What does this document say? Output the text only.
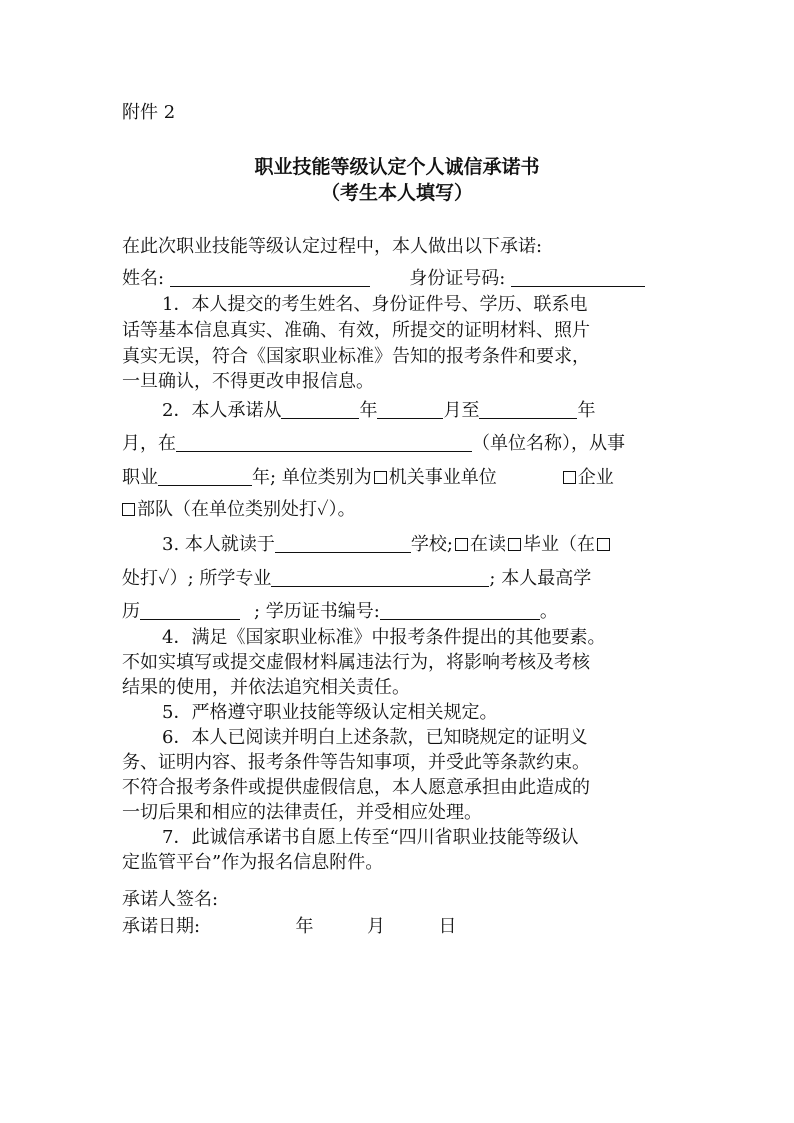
附件 2
职业技能等级认定个人诚信承诺书
（考生本人填写）
在此次职业技能等级认定过程中，本人做出以下承诺:
姓名:	身份证号码:
1．本人提交的考生姓名、身份证件号、学历、联系电
话等基本信息真实、准确、有效，所提交的证明材料、照片
真实无误，符合《国家职业标准》告知的报考条件和要求，
一旦确认，不得更改申报信息。
2．本人承诺从	年	月至	年
月，在	（单位名称），从事
职业	年; 单位类别为 机关事业单位	企业
部队（在单位类别处打✓）。
3. 本人就读于	学校; 在读 毕业（在
处打✓）; 所学专业	; 本人最高学
历	; 学历证书编号:	。
4．满足《国家职业标准》中报考条件提出的其他要素。
不如实填写或提交虚假材料属违法行为，将影响考核及考核
结果的使用，并依法追究相关责任。
5．严格遵守职业技能等级认定相关规定。
6．本人已阅读并明白上述条款，已知晓规定的证明义
务、证明内容、报考条件等告知事项，并受此等条款约束。
不符合报考条件或提供虚假信息，本人愿意承担由此造成的
一切后果和相应的法律责任，并受相应处理。
7．此诚信承诺书自愿上传至“四川省职业技能等级认
定监管平台”作为报名信息附件。
承诺人签名:
承诺日期:	年	月	日
